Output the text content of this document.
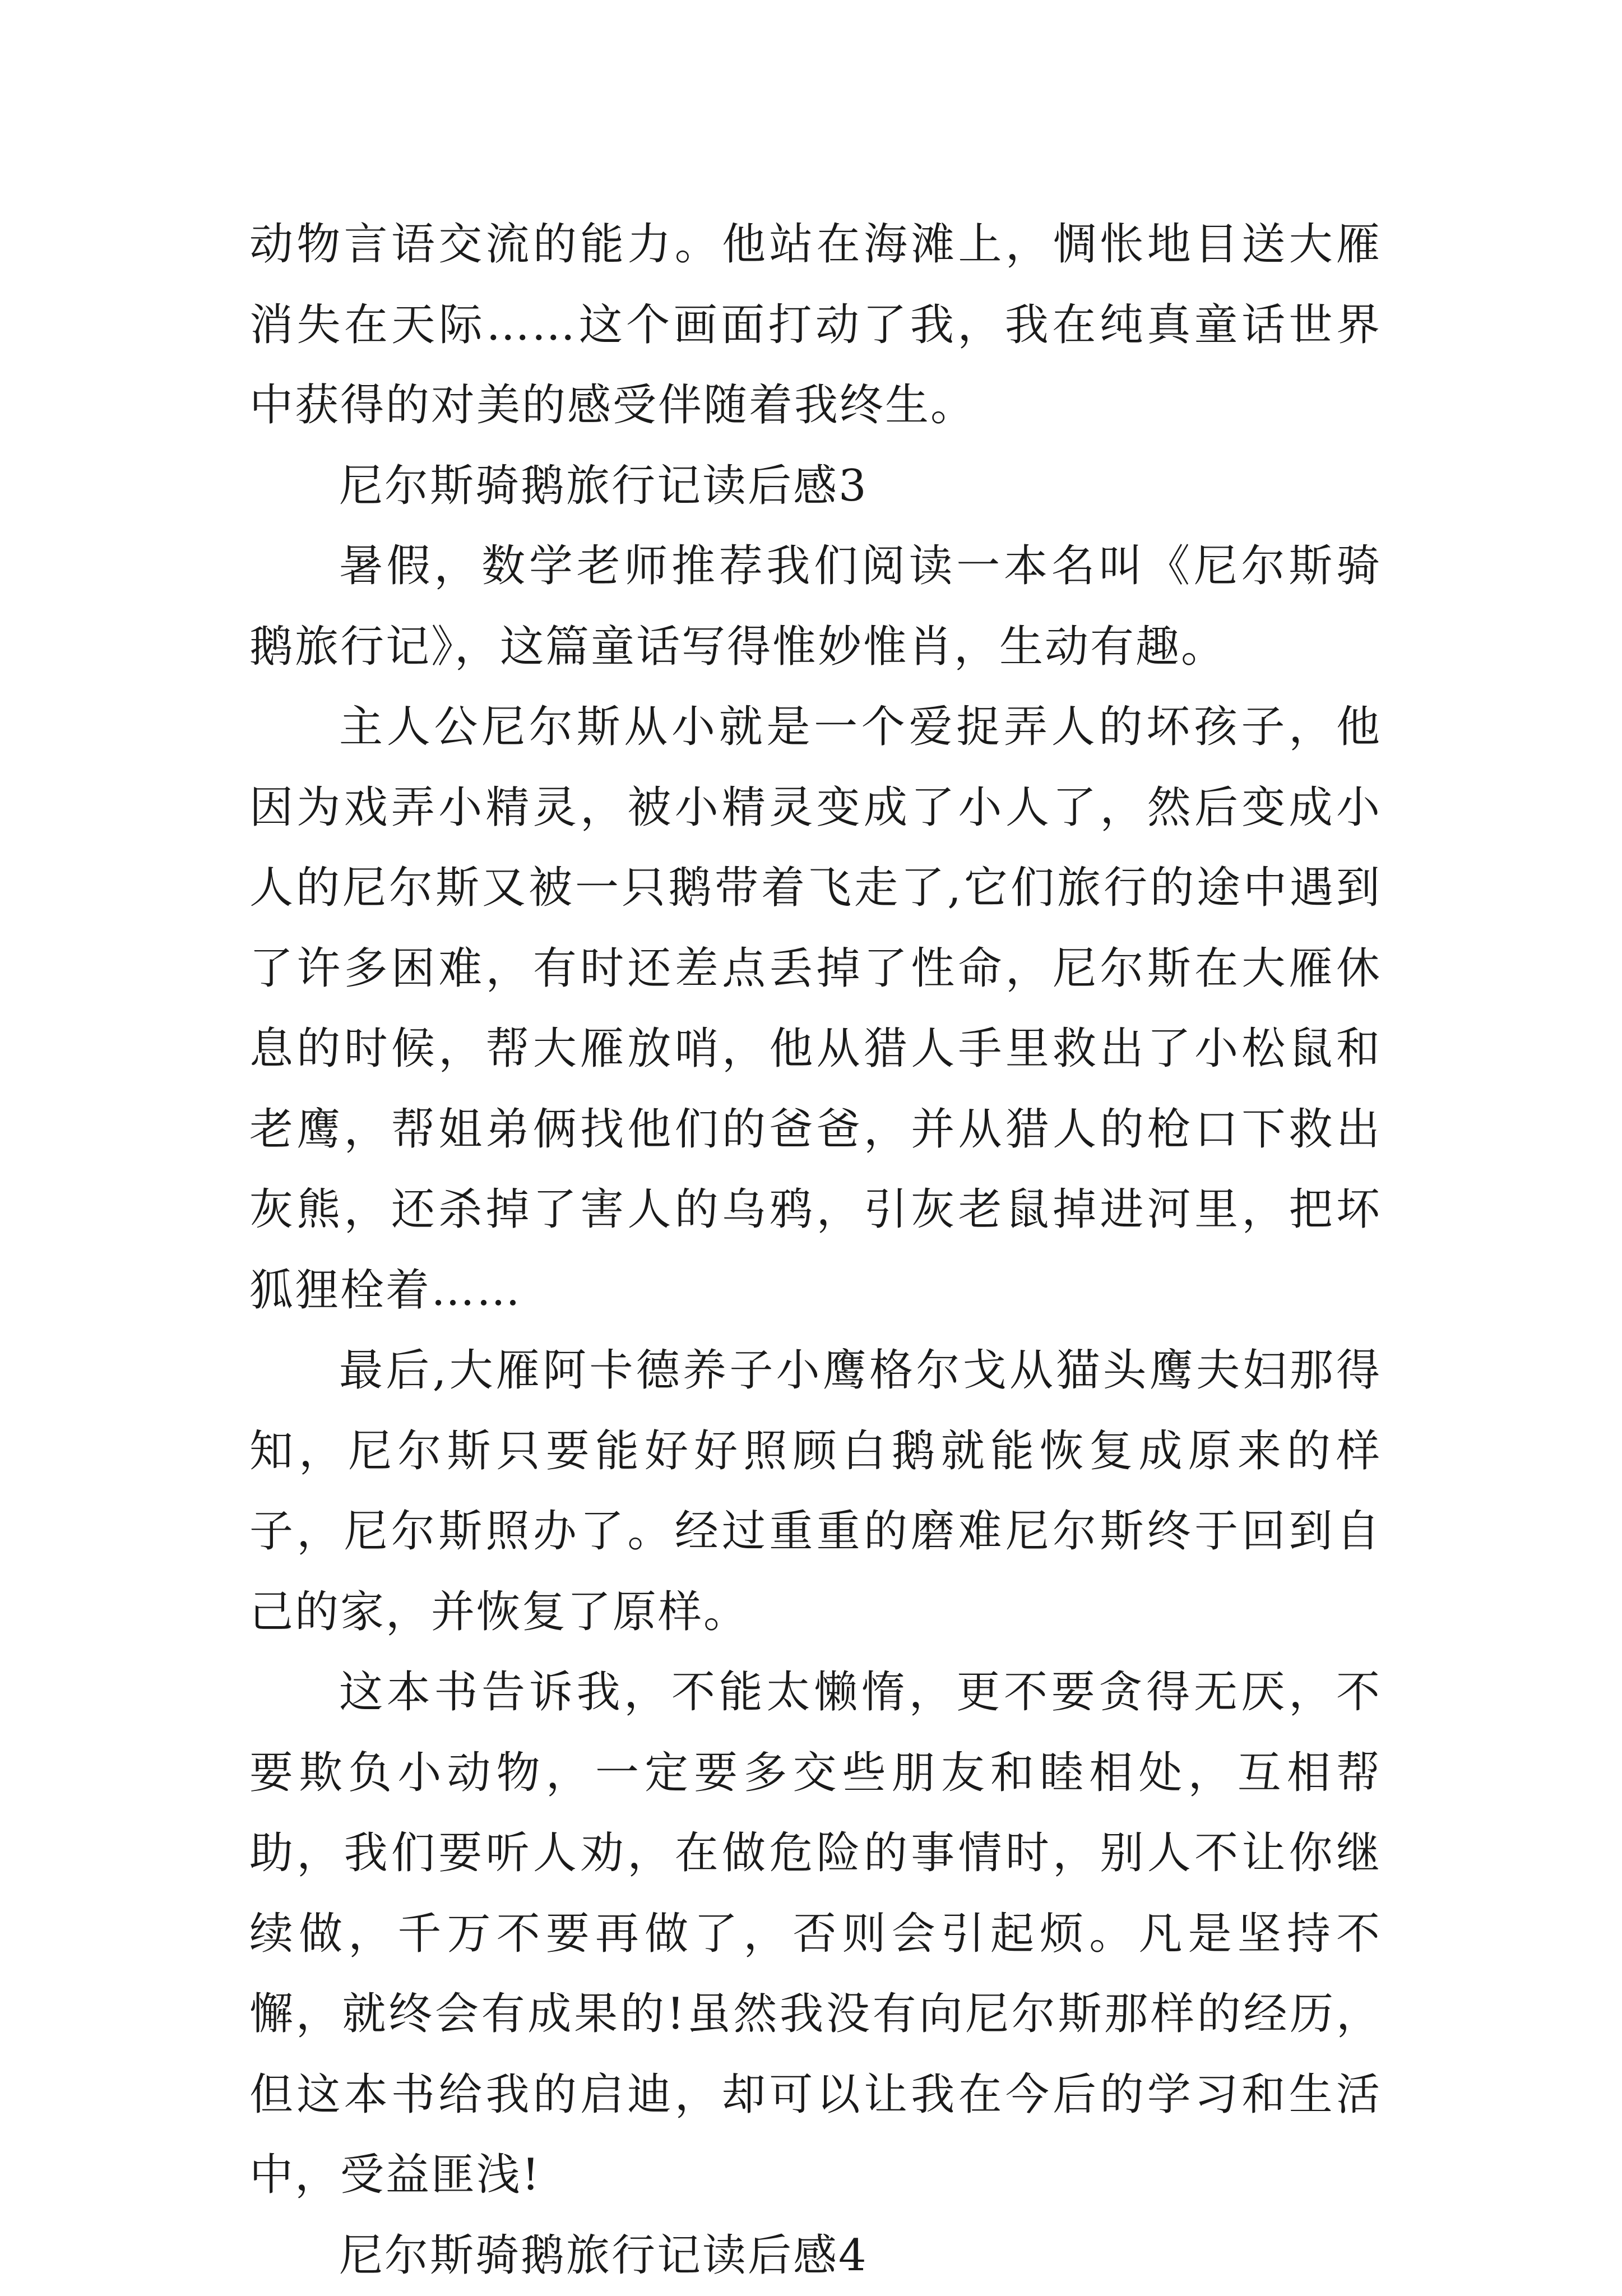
动物言语交流的能力。他站在海滩上，惆怅地目送大雁消失在天际……这个画面打动了我，我在纯真童话世界中获得的对美的感受伴随着我终生。

尼尔斯骑鹅旅行记读后感3

暑假，数学老师推荐我们阅读一本名叫《尼尔斯骑鹅旅行记》，这篇童话写得惟妙惟肖，生动有趣。

主人公尼尔斯从小就是一个爱捉弄人的坏孩子，他因为戏弄小精灵，被小精灵变成了小人了，然后变成小人的尼尔斯又被一只鹅带着飞走了,它们旅行的途中遇到了许多困难，有时还差点丢掉了性命，尼尔斯在大雁休息的时候，帮大雁放哨，他从猎人手里救出了小松鼠和老鹰，帮姐弟俩找他们的爸爸，并从猎人的枪口下救出灰熊，还杀掉了害人的乌鸦，引灰老鼠掉进河里，把坏狐狸栓着……

最后,大雁阿卡德养子小鹰格尔戈从猫头鹰夫妇那得知，尼尔斯只要能好好照顾白鹅就能恢复成原来的样子，尼尔斯照办了。经过重重的磨难尼尔斯终于回到自己的家，并恢复了原样。

这本书告诉我，不能太懒惰，更不要贪得无厌，不要欺负小动物，一定要多交些朋友和睦相处，互相帮助，我们要听人劝，在做危险的事情时，别人不让你继续做，千万不要再做了，否则会引起烦。凡是坚持不懈，就终会有成果的!虽然我没有向尼尔斯那样的经历，但这本书给我的启迪，却可以让我在今后的学习和生活中，受益匪浅!

尼尔斯骑鹅旅行记读后感4
